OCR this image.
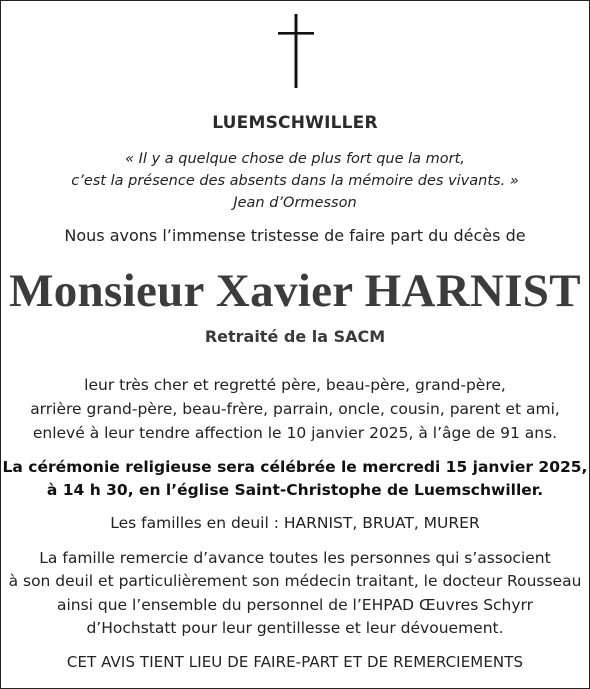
LUEMSCHWILLER
« Il y a quelque chose de plus fort que la mort,
c’est la présence des absents dans la mémoire des vivants. »
Jean d’Ormesson
Nous avons l’immense tristesse de faire part du décès de
Monsieur Xavier HARNIST
Retraité de la SACM
leur très cher et regretté père, beau-père, grand-père,
arrière grand-père, beau-frère, parrain, oncle, cousin, parent et ami,
enlevé à leur tendre affection le 10 janvier 2025, à l’âge de 91 ans.
La cérémonie religieuse sera célébrée le mercredi 15 janvier 2025,
à 14 h 30, en l’église Saint-Christophe de Luemschwiller.
Les familles en deuil : HARNIST, BRUAT, MURER
La famille remercie d’avance toutes les personnes qui s’associent
à son deuil et particulièrement son médecin traitant, le docteur Rousseau
ainsi que l’ensemble du personnel de l’EHPAD Œuvres Schyrr
d’Hochstatt pour leur gentillesse et leur dévouement.
CET AVIS TIENT LIEU DE FAIRE-PART ET DE REMERCIEMENTS
